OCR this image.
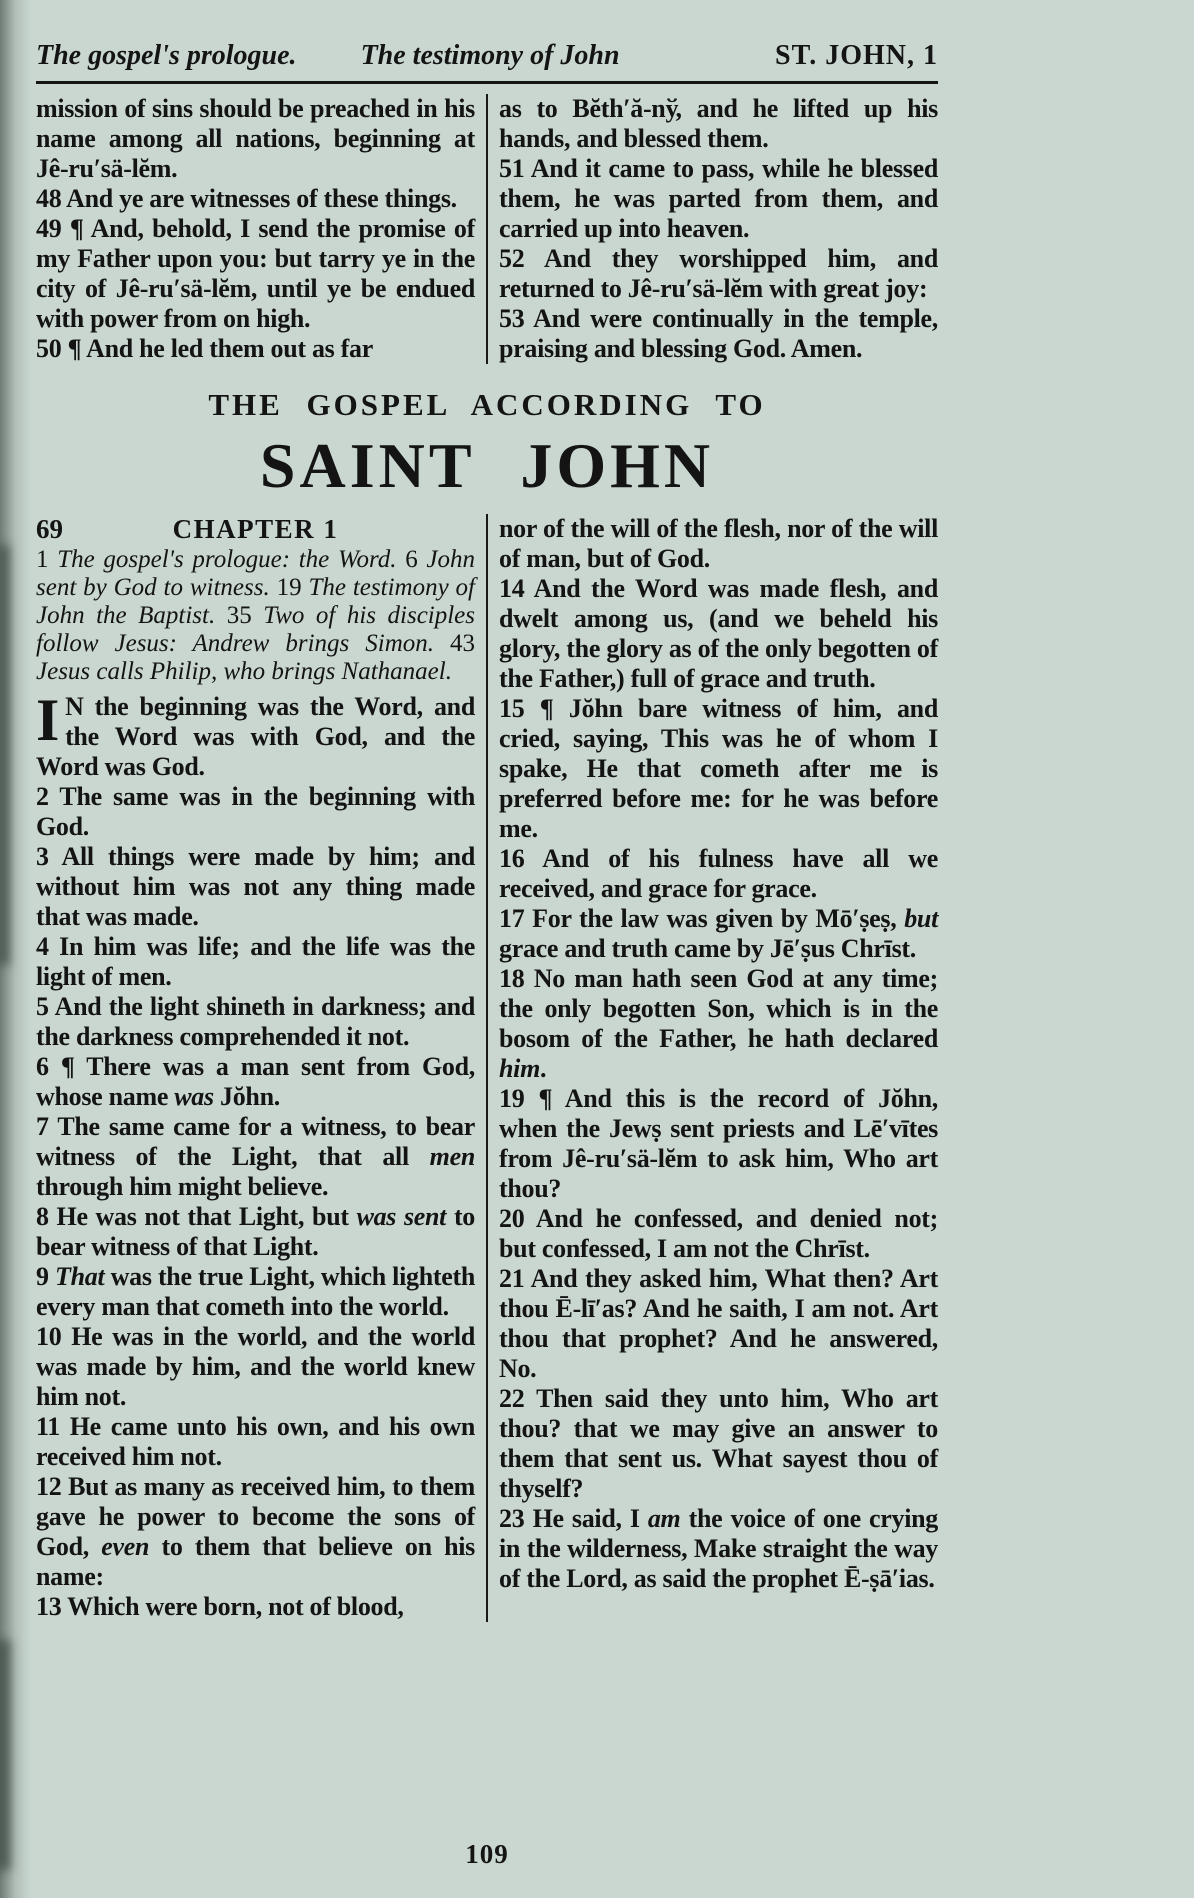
The gospel's prologue. The testimony of John	ST. JOHN, 1

mission of sins should be preached in his name among all nations, beginning at Jê-ru′sä-lĕm.

48 And ye are witnesses of these things.

49 ¶ And, behold, I send the promise of my Father upon you: but tarry ye in the city of Jê-ru′sä-lĕm, until ye be endued with power from on high.

50 ¶ And he led them out as far

as to Bĕth′ă-nў, and he lifted up his hands, and blessed them.

51 And it came to pass, while he blessed them, he was parted from them, and carried up into heaven.

52 And they worshipped him, and returned to Jê-ru′sä-lĕm with great joy:

53 And were continually in the temple, praising and blessing God. Amen.

THE GOSPEL ACCORDING TO
SAINT JOHN
69	CHAPTER 1

1 The gospel's prologue: the Word. 6 John sent by God to witness. 19 The testimony of John the Baptist. 35 Two of his disciples follow Jesus: Andrew brings Simon. 43 Jesus calls Philip, who brings Nathanael.

I N the beginning was the Word, and the Word was with God, and the Word was God.

2 The same was in the beginning with God.

3 All things were made by him; and without him was not any thing made that was made.

4 In him was life; and the life was the light of men.

5 And the light shineth in darkness; and the darkness comprehended it not.

6 ¶ There was a man sent from God, whose name was Jŏhn.

7 The same came for a witness, to bear witness of the Light, that all men through him might believe.

8 He was not that Light, but was sent to bear witness of that Light.

9 That was the true Light, which lighteth every man that cometh into the world.

10 He was in the world, and the world was made by him, and the world knew him not.

11 He came unto his own, and his own received him not.

12 But as many as received him, to them gave he power to become the sons of God, even to them that believe on his name:

13 Which were born, not of blood,

nor of the will of the flesh, nor of the will of man, but of God.

14 And the Word was made flesh, and dwelt among us, (and we beheld his glory, the glory as of the only begotten of the Father,) full of grace and truth.

15 ¶ Jŏhn bare witness of him, and cried, saying, This was he of whom I spake, He that cometh after me is preferred before me: for he was before me.

16 And of his fulness have all we received, and grace for grace.

17 For the law was given by Mō′ṣeṣ, but grace and truth came by Jē′ṣus Chrīst.

18 No man hath seen God at any time; the only begotten Son, which is in the bosom of the Father, he hath declared him.

19 ¶ And this is the record of Jŏhn, when the Jewṣ sent priests and Lē′vītes from Jê-ru′sä-lĕm to ask him, Who art thou?

20 And he confessed, and denied not; but confessed, I am not the Chrīst.

21 And they asked him, What then? Art thou Ē-lī′as? And he saith, I am not. Art thou that prophet? And he answered, No.

22 Then said they unto him, Who art thou? that we may give an answer to them that sent us. What sayest thou of thyself?

23 He said, I am the voice of one crying in the wilderness, Make straight the way of the Lord, as said the prophet Ē-ṣā′ias.

109
